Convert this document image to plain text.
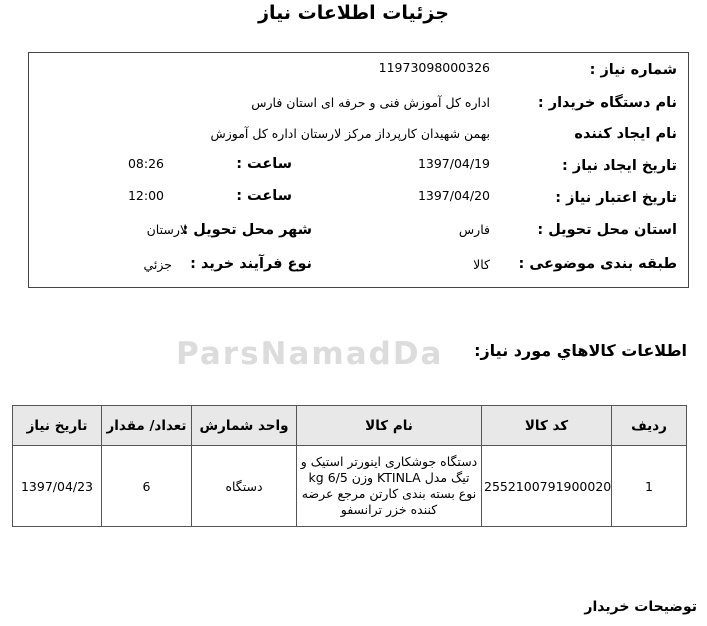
جزئیات اطلاعات نیاز
شماره نیاز :
11973098000326
نام دستگاه خریدار :
اداره کل آموزش فنی و حرفه ای استان فارس
نام ایجاد کننده
بهمن شهیدان کارپرداز مرکز لارستان اداره کل آموزش
تاریخ ایجاد نیاز :
1397/04/19
ساعت :
08:26
تاریخ اعتبار نیاز :
1397/04/20
ساعت :
12:00
استان محل تحویل :
فارس
شهر محل تحویل :
لارستان
طبقه بندی موضوعی :
کالا
نوع فرآیند خرید :
جزئي
ParsNamadDa اطلاعات کالاهاي مورد نياز:
ردیف	کد کالا	نام کالا	واحد شمارش	تعداد/ مقدار	تاریخ نیاز
1	2552100791900020	دستگاه جوشکاری اینورتر استیک و تیگ مدل KTINLA وزن kg 6/5 نوع بسته بندی کارتن مرجع عرضه کننده خزر ترانسفو	دستگاه	6	1397/04/23
توضیحات خریدار
